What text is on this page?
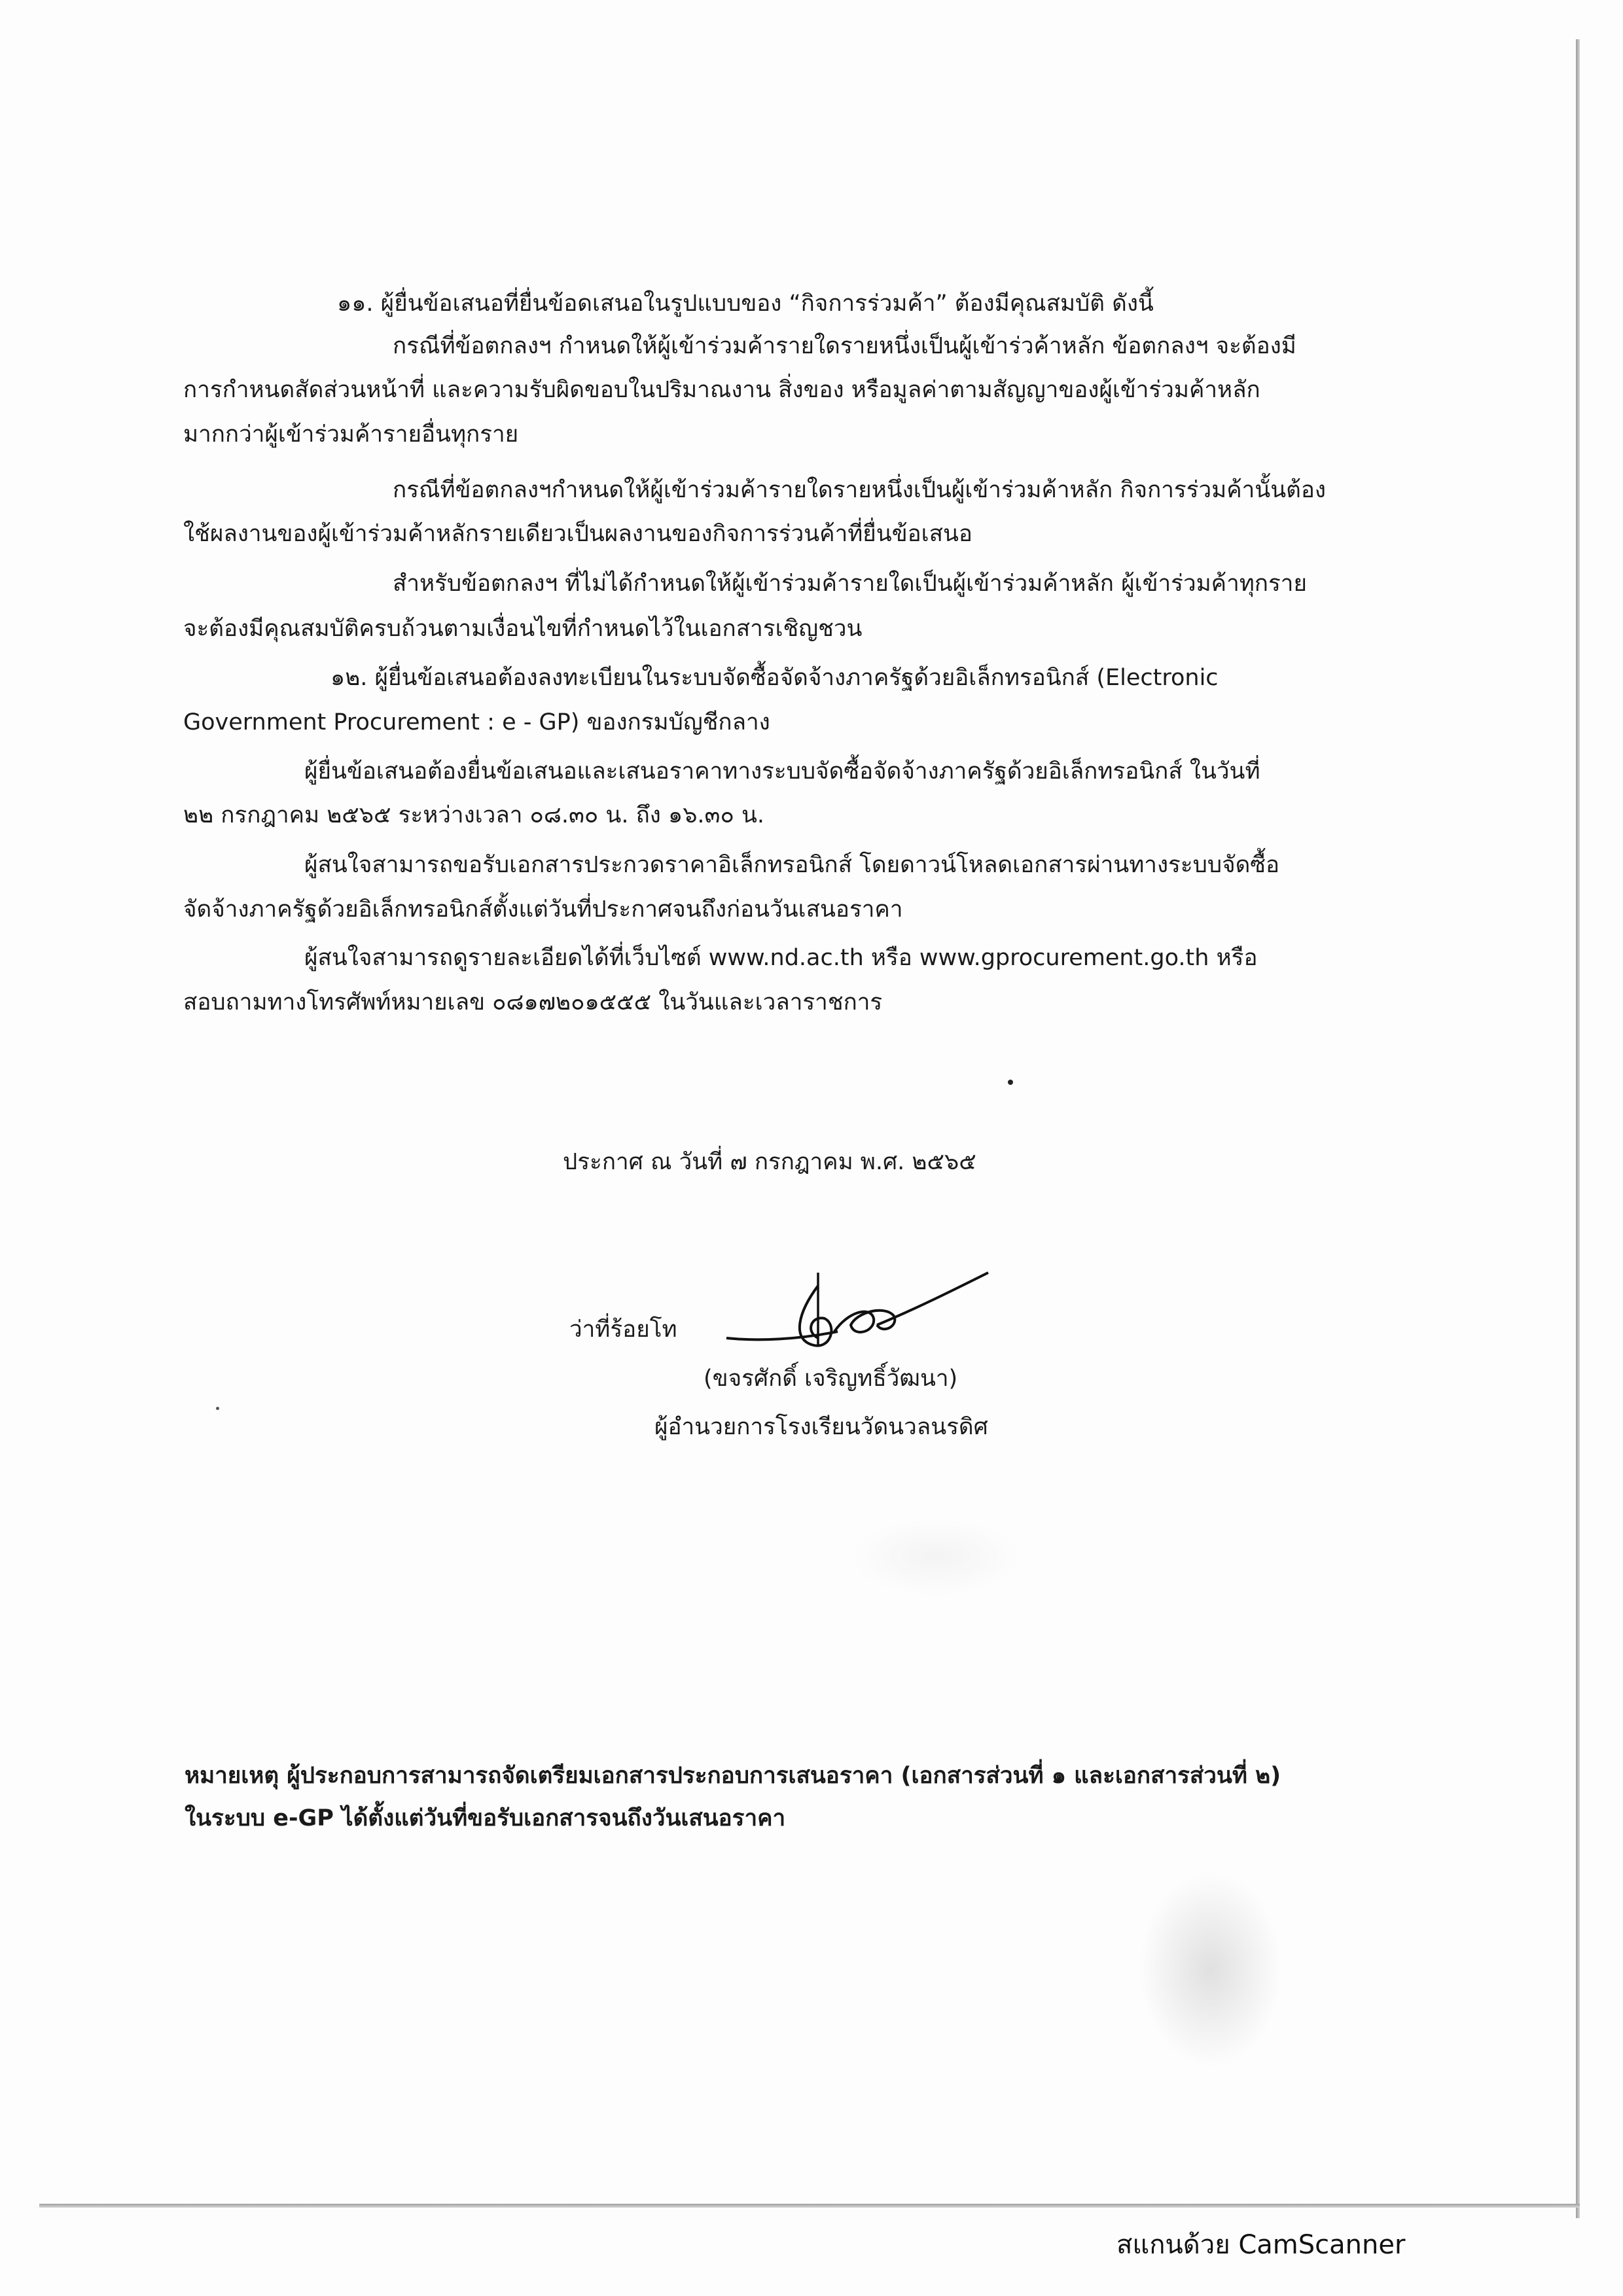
๑๑. ผู้ยื่นข้อเสนอที่ยื่นข้อดเสนอในรูปแบบของ “กิจการร่วมค้า” ต้องมีคุณสมบัติ ดังนี้
กรณีที่ข้อตกลงฯ กำหนดให้ผู้เข้าร่วมค้ารายใดรายหนึ่งเป็นผู้เข้าร่วค้าหลัก ข้อตกลงฯ จะต้องมี
การกำหนดสัดส่วนหน้าที่ และความรับผิดขอบในปริมาณงาน สิ่งของ หรือมูลค่าตามสัญญาของผู้เข้าร่วมค้าหลัก
มากกว่าผู้เข้าร่วมค้ารายอื่นทุกราย
กรณีที่ข้อตกลงฯกำหนดให้ผู้เข้าร่วมค้ารายใดรายหนึ่งเป็นผู้เข้าร่วมค้าหลัก กิจการร่วมค้านั้นต้อง
ใช้ผลงานของผู้เข้าร่วมค้าหลักรายเดียวเป็นผลงานของกิจการร่วนค้าที่ยื่นข้อเสนอ
สำหรับข้อตกลงฯ ที่ไม่ได้กำหนดให้ผู้เข้าร่วมค้ารายใดเป็นผู้เข้าร่วมค้าหลัก ผู้เข้าร่วมค้าทุกราย
จะต้องมีคุณสมบัติครบถ้วนตามเงื่อนไขที่กำหนดไว้ในเอกสารเชิญชวน
๑๒. ผู้ยื่นข้อเสนอต้องลงทะเบียนในระบบจัดซื้อจัดจ้างภาครัฐด้วยอิเล็กทรอนิกส์ (Electronic
Government Procurement : e - GP) ของกรมบัญชีกลาง
ผู้ยื่นข้อเสนอต้องยื่นข้อเสนอและเสนอราคาทางระบบจัดซื้อจัดจ้างภาครัฐด้วยอิเล็กทรอนิกส์ ในวันที่
๒๒ กรกฎาคม ๒๕๖๕ ระหว่างเวลา ๐๘.๓๐ น. ถึง ๑๖.๓๐ น.
ผู้สนใจสามารถขอรับเอกสารประกวดราคาอิเล็กทรอนิกส์ โดยดาวน์โหลดเอกสารผ่านทางระบบจัดซื้อ
จัดจ้างภาครัฐด้วยอิเล็กทรอนิกส์ตั้งแต่วันที่ประกาศจนถึงก่อนวันเสนอราคา
ผู้สนใจสามารถดูรายละเอียดได้ที่เว็บไซต์ www.nd.ac.th หรือ www.gprocurement.go.th หรือ
สอบถามทางโทรศัพท์หมายเลข ๐๘๑๗๒๐๑๕๕๕ ในวันและเวลาราชการ
ประกาศ ณ วันที่ ๗ กรกฎาคม พ.ศ. ๒๕๖๕
ว่าที่ร้อยโท
(ขจรศักดิ์ เจริญทธิ์วัฒนา)
ผู้อำนวยการโรงเรียนวัดนวลนรดิศ
หมายเหตุ ผู้ประกอบการสามารถจัดเตรียมเอกสารประกอบการเสนอราคา (เอกสารส่วนที่ ๑ และเอกสารส่วนที่ ๒)
ในระบบ e-GP ได้ตั้งแต่วันที่ขอรับเอกสารจนถึงวันเสนอราคา
สแกนด้วย CamScanner
